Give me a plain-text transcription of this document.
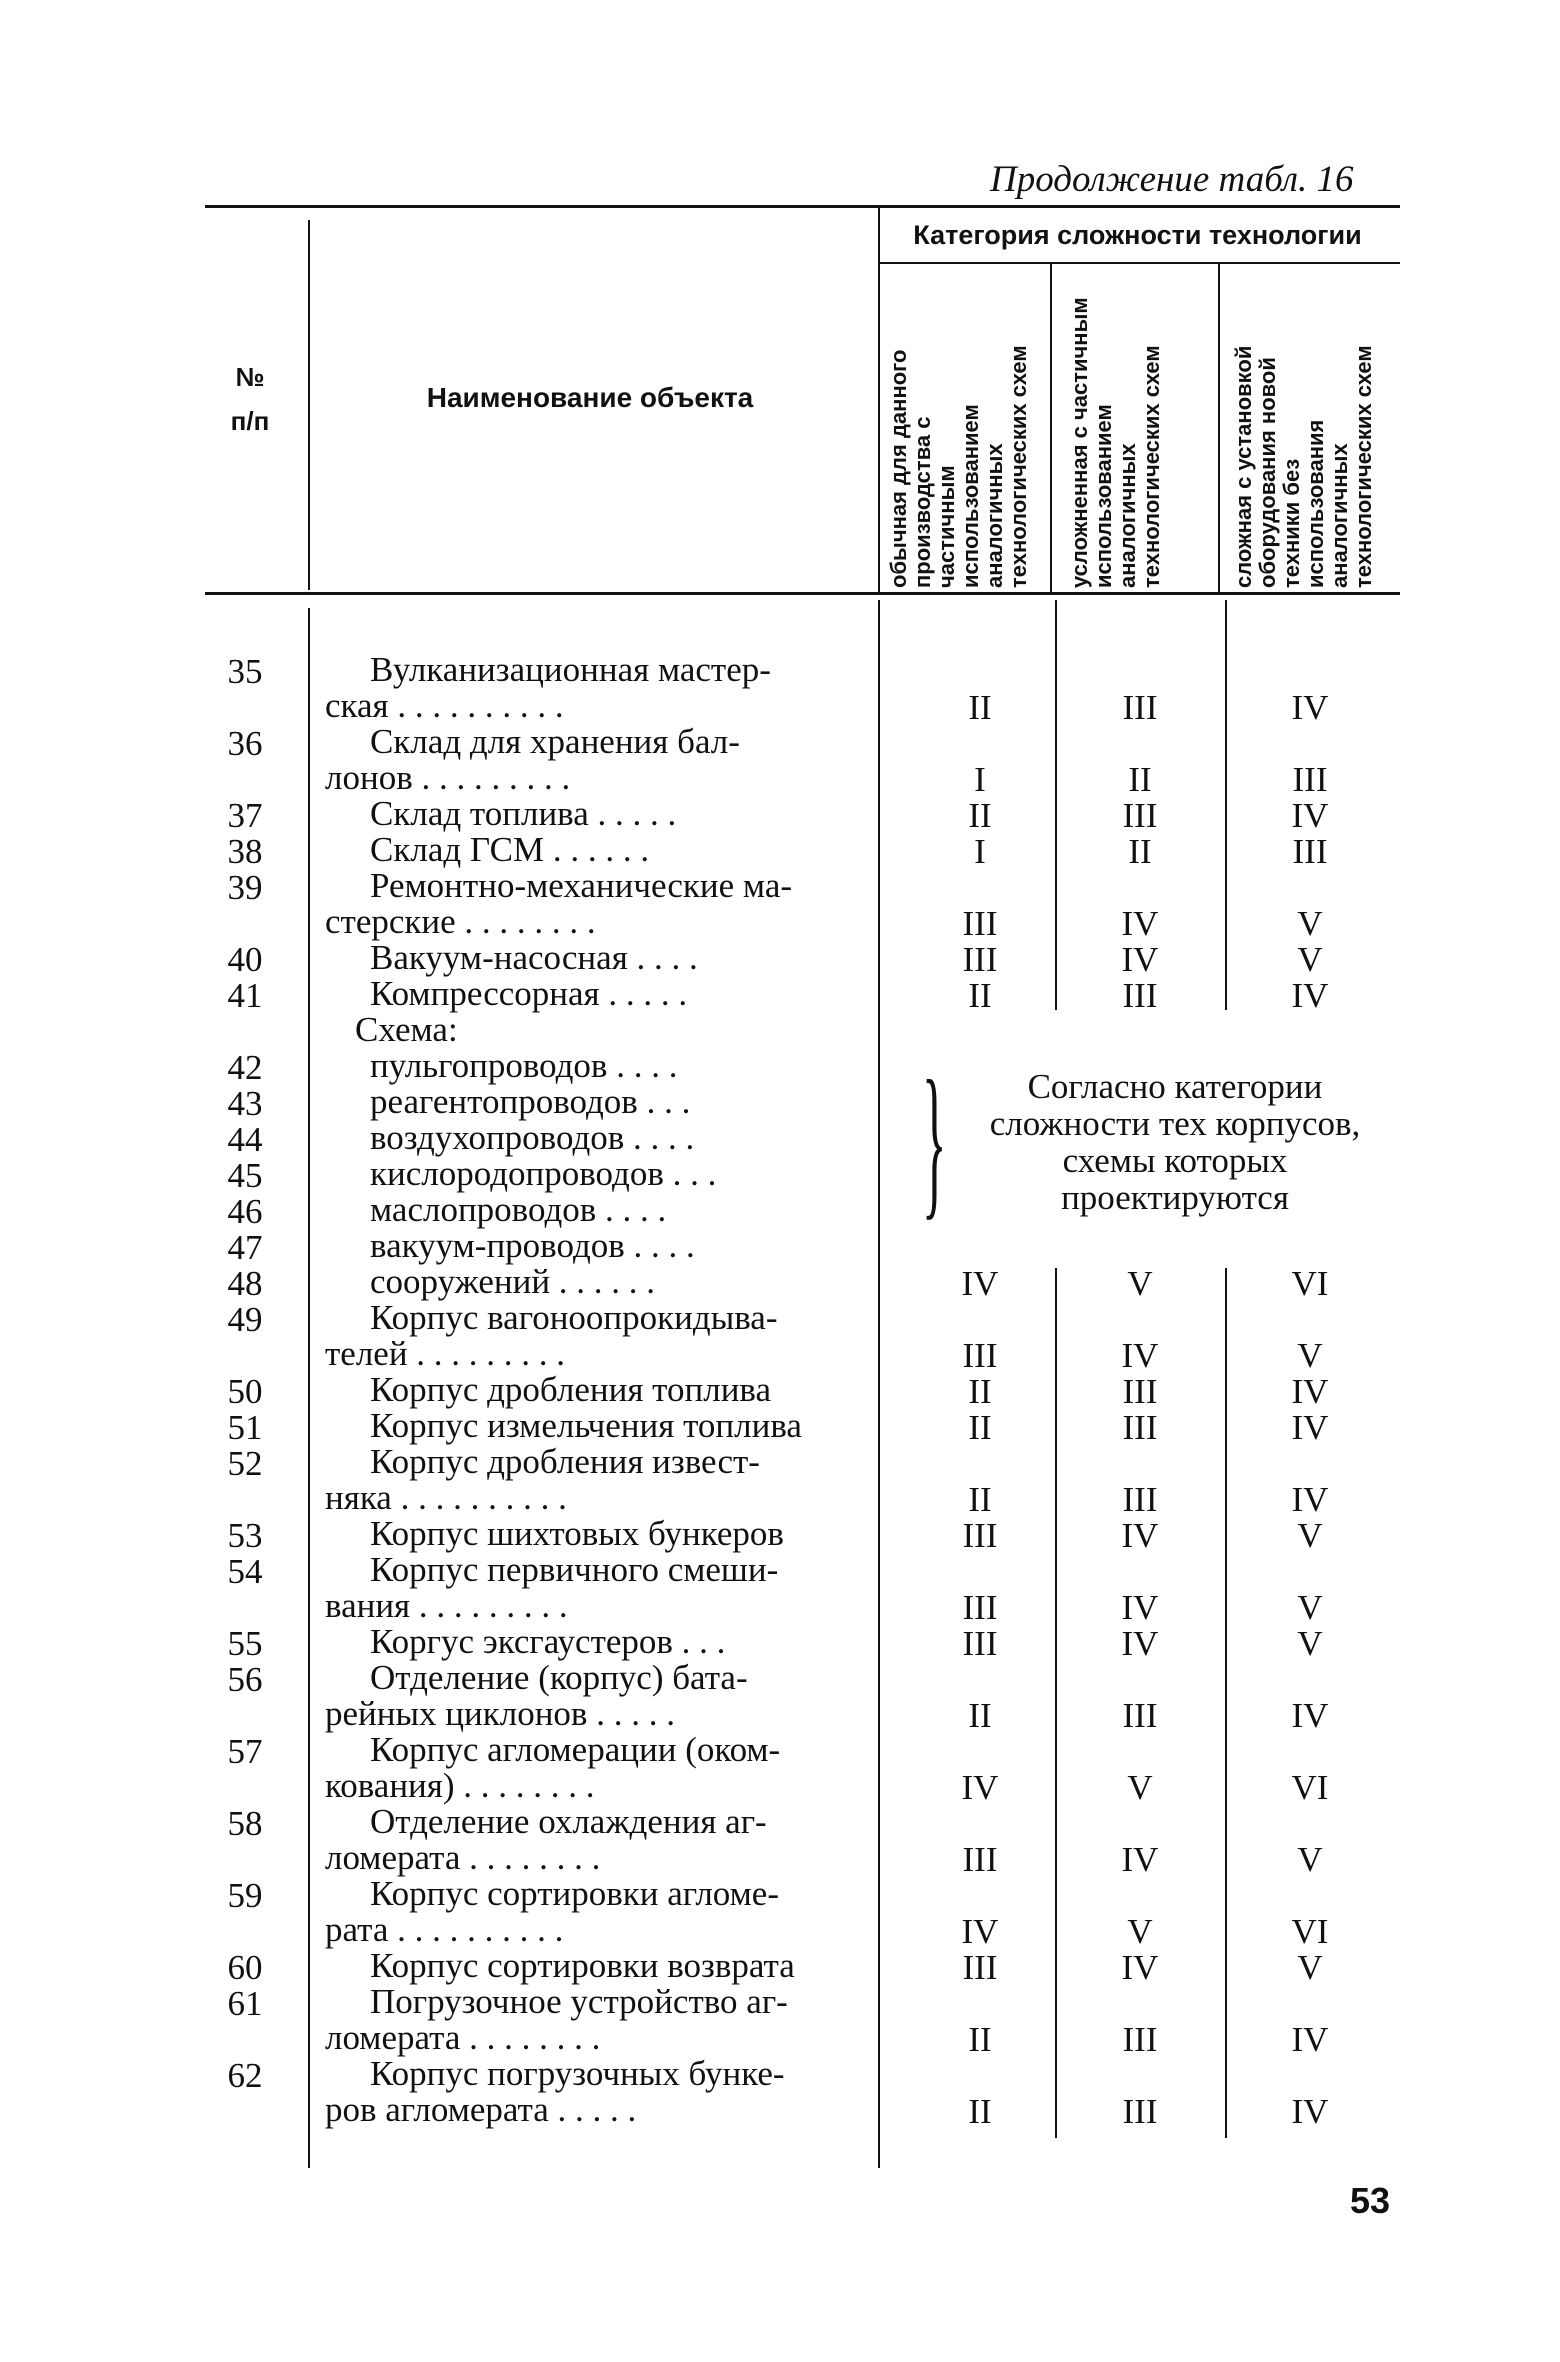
Продолжение табл. 16
№
п/п
Наименование объекта
Категория сложности технологии
обычная для данного производства с частичным использованием аналогичных технологических схем	усложненная с частичным использованием аналогичных технологических схем	сложная с установкой оборудования новой техники без использования аналогичных технологических схем
35	Вулканизационная мастер-
ская . . . . . . . . . .	II	III	IV
36	Склад для хранения бал-
лонов . . . . . . . . .	I	II	III
37	Склад топлива . . . . .	II	III	IV
38	Склад ГСМ . . . . . .	I	II	III
39	Ремонтно-механические ма-
стерские . . . . . . . .	III	IV	V
40	Вакуум-насосная . . . .	III	IV	V
41	Компрессорная . . . . .	II	III	IV
Схема:
42	пульгопроводов . . . .
43	реагентопроводов . . .
44	воздухопроводов . . . .
45	кислородопроводов . . .
46	маслопроводов . . . .
47	вакуум-проводов . . . .
48	сооружений . . . . . .	IV	V	VI
49	Корпус вагоноопрокидыва-
телей . . . . . . . . .	III	IV	V
50	Корпус дробления топлива	II	III	IV
51	Корпус измельчения топлива	II	III	IV
52	Корпус дробления извест-
няка . . . . . . . . . .	II	III	IV
53	Корпус шихтовых бункеров	III	IV	V
54	Корпус первичного смеши-
вания . . . . . . . . .	III	IV	V
55	Коргус эксгаустеров . . .	III	IV	V
56	Отделение (корпус) бата-
рейных циклонов . . . . .	II	III	IV
57	Корпус агломерации (оком-
кования) . . . . . . . .	IV	V	VI
58	Отделение охлаждения аг-
ломерата . . . . . . . .	III	IV	V
59	Корпус сортировки агломе-
рата . . . . . . . . . .	IV	V	VI
60	Корпус сортировки возврата	III	IV	V
61	Погрузочное устройство аг-
ломерата . . . . . . . .	II	III	IV
62	Корпус погрузочных бунке-
ров агломерата . . . . .	II	III	IV
}	Согласно категории
сложности тех корпусов,
схемы которых
проектируются
53
